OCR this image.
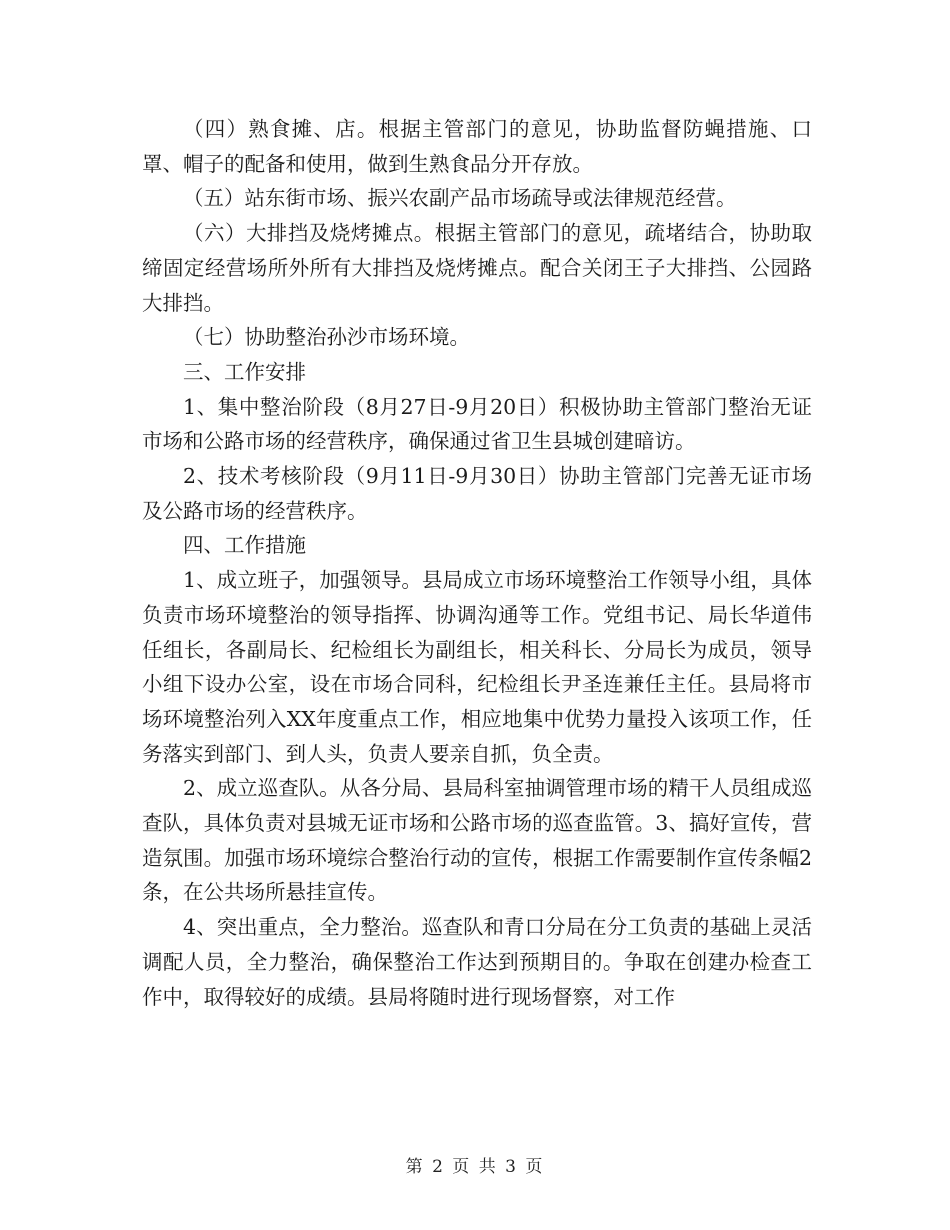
（四）熟食摊、店。根据主管部门的意见，协助监督防蝇措施、口罩、帽子的配备和使用，做到生熟食品分开存放。

（五）站东街市场、振兴农副产品市场疏导或法律规范经营。

（六）大排挡及烧烤摊点。根据主管部门的意见，疏堵结合，协助取缔固定经营场所外所有大排挡及烧烤摊点。配合关闭王子大排挡、公园路大排挡。

（七）协助整治孙沙市场环境。

三、工作安排

1、集中整治阶段（8月27日-9月20日）积极协助主管部门整治无证市场和公路市场的经营秩序，确保通过省卫生县城创建暗访。

2、技术考核阶段（9月11日-9月30日）协助主管部门完善无证市场及公路市场的经营秩序。

四、工作措施

1、成立班子，加强领导。县局成立市场环境整治工作领导小组，具体负责市场环境整治的领导指挥、协调沟通等工作。党组书记、局长华道伟任组长，各副局长、纪检组长为副组长，相关科长、分局长为成员，领导小组下设办公室，设在市场合同科，纪检组长尹圣连兼任主任。县局将市场环境整治列入XX年度重点工作，相应地集中优势力量投入该项工作，任务落实到部门、到人头，负责人要亲自抓，负全责。

2、成立巡查队。从各分局、县局科室抽调管理市场的精干人员组成巡查队，具体负责对县城无证市场和公路市场的巡查监管。3、搞好宣传，营造氛围。加强市场环境综合整治行动的宣传，根据工作需要制作宣传条幅2条，在公共场所悬挂宣传。

4、突出重点，全力整治。巡查队和青口分局在分工负责的基础上灵活调配人员，全力整治，确保整治工作达到预期目的。争取在创建办检查工作中，取得较好的成绩。县局将随时进行现场督察，对工作

第 2 页 共 3 页
